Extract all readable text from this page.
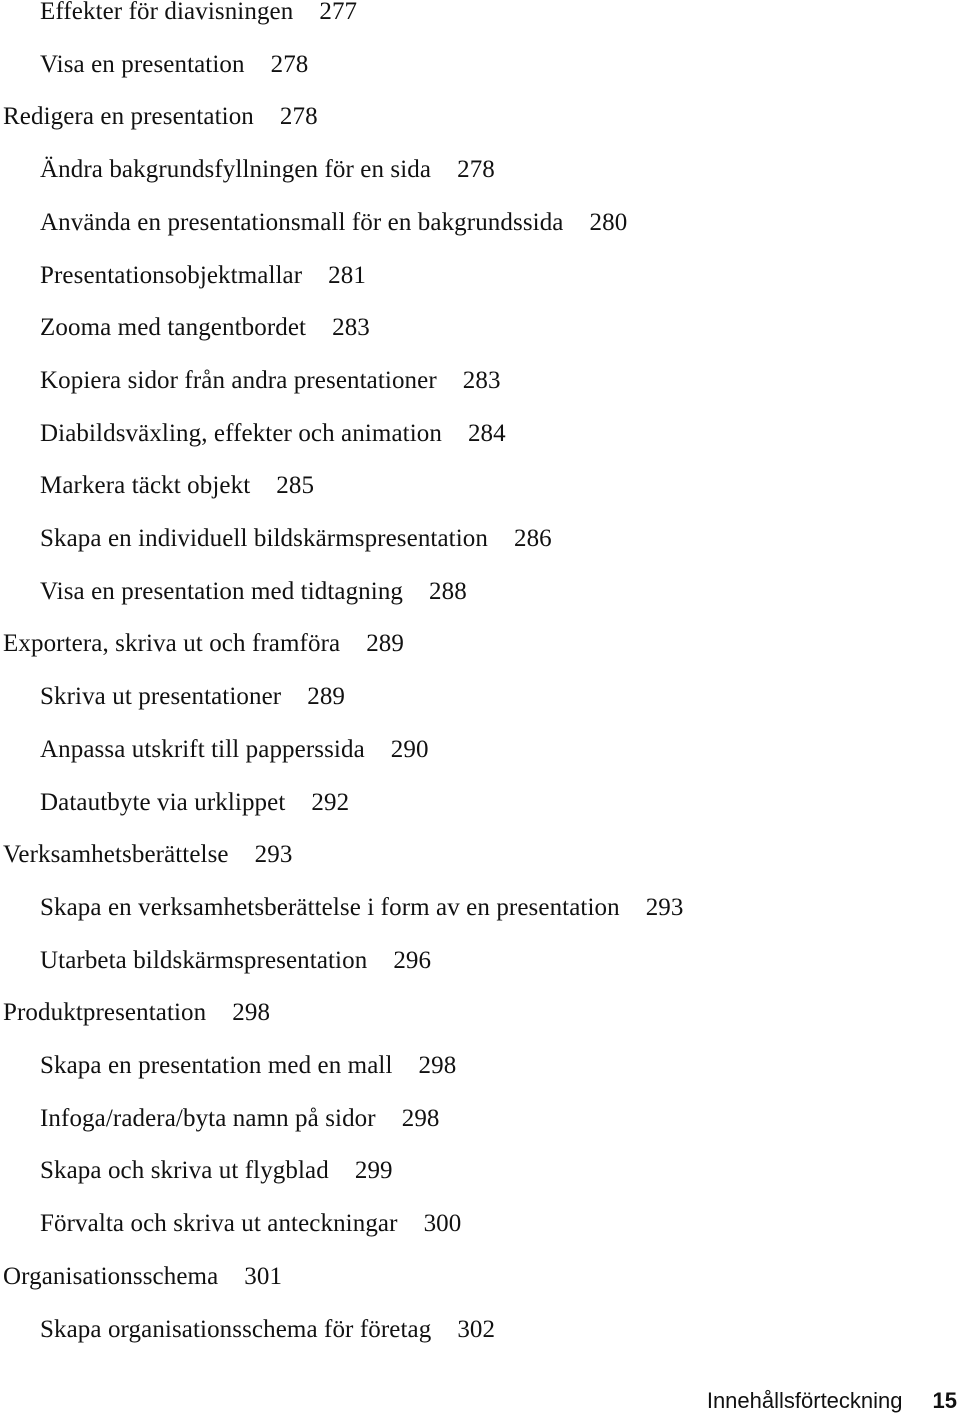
Effekter för diavisningen 277
Visa en presentation 278
Redigera en presentation 278
Ändra bakgrundsfyllningen för en sida 278
Använda en presentationsmall för en bakgrundssida 280
Presentationsobjektmallar 281
Zooma med tangentbordet 283
Kopiera sidor från andra presentationer 283
Diabildsväxling, effekter och animation 284
Markera täckt objekt 285
Skapa en individuell bildskärmspresentation 286
Visa en presentation med tidtagning 288
Exportera, skriva ut och framföra 289
Skriva ut presentationer 289
Anpassa utskrift till papperssida 290
Datautbyte via urklippet 292
Verksamhetsberättelse 293
Skapa en verksamhetsberättelse i form av en presentation 293
Utarbeta bildskärmspresentation 296
Produktpresentation 298
Skapa en presentation med en mall 298
Infoga/radera/byta namn på sidor 298
Skapa och skriva ut flygblad 299
Förvalta och skriva ut anteckningar 300
Organisationsschema 301
Skapa organisationsschema för företag 302
Innehållsförteckning 15
